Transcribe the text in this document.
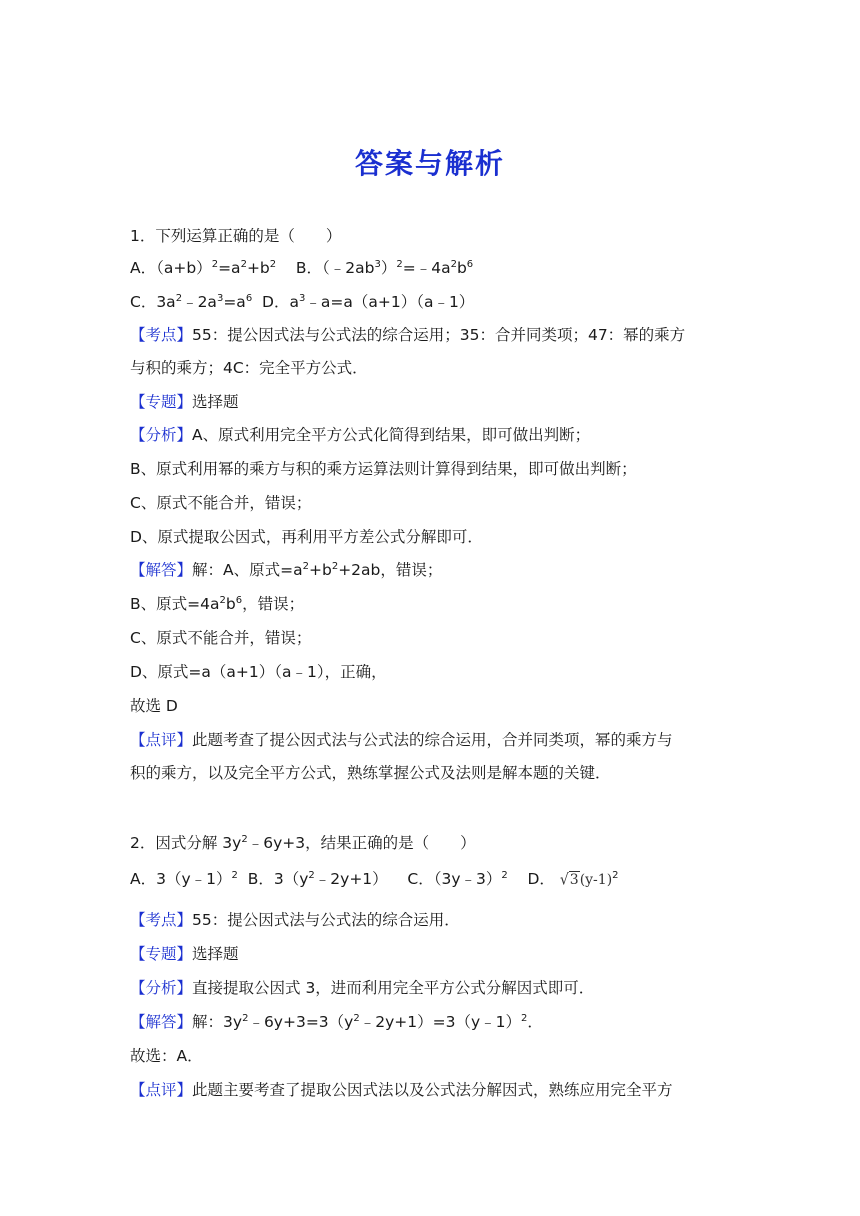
答案与解析
1．下列运算正确的是（　　）
A．$(a+b)^2=a^2+b^2$ B．$(﹣2ab^3)^2=﹣4a^2b^6$
C．$3a^2﹣2a^3=a^6$ D．$a^3﹣a=a(a+1)(a﹣1)$
【考点】55：提公因式法与公式法的综合运用；35：合并同类项；47：幂的乘方
与积的乘方；4C：完全平方公式．
【专题】选择题
【分析】A、原式利用完全平方公式化简得到结果，即可做出判断；
B、原式利用幂的乘方与积的乘方运算法则计算得到结果，即可做出判断；
C、原式不能合并，错误；
D、原式提取公因式，再利用平方差公式分解即可．
【解答】解：A、原式$=a^2+b^2+2ab$，错误；
B、原式$=4a^2b^6$，错误；
C、原式不能合并，错误；
D、原式=a（a+1）（a﹣1），正确，
故选 D
【点评】此题考查了提公因式法与公式法的综合运用，合并同类项，幂的乘方与
积的乘方，以及完全平方公式，熟练掌握公式及法则是解本题的关键．
2．因式分解 $3y^2﹣6y+3$，结果正确的是（　　）
A．3（y﹣1）$^2$ B．$3(y^2﹣2y+1)$ C．（3y﹣3）$^2$ D． $√3(y-1)^2$
【考点】55：提公因式法与公式法的综合运用．
【专题】选择题
【分析】直接提取公因式 3，进而利用完全平方公式分解因式即可．
【解答】解：$3y^2﹣6y+3=3(y^2﹣2y+1)=3(y﹣1)^2$．
故选：A．
【点评】此题主要考查了提取公因式法以及公式法分解因式，熟练应用完全平方
